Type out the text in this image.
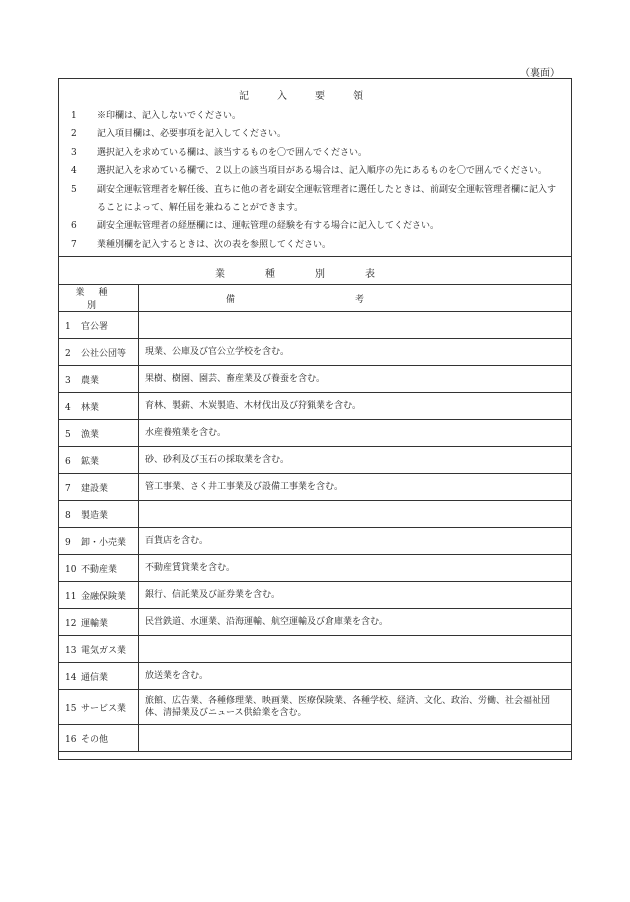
（裏面）
記入要領
1	※印欄は、記入しないでください。
2	記入項目欄は、必要事項を記入してください。
3	選択記入を求めている欄は、該当するものを〇で囲んでください。
4	選択記入を求めている欄で、２以上の該当項目がある場合は、記入順序の先にあるものを〇で囲んでください。
5	副安全運転管理者を解任後、直ちに他の者を副安全運転管理者に選任したときは、前副安全運転管理者欄に記入することによって、解任届を兼ねることができます。
6	副安全運転管理者の経歴欄には、運転管理の経験を有する場合に記入してください。
7	業種別欄を記入するときは、次の表を参照してください。
業種別表
業種別	備考
1 官公署	
2 公社公団等	現業、公庫及び官公立学校を含む。
3 農業	果樹、樹園、園芸、畜産業及び養蚕を含む。
4 林業	育林、製薪、木炭製造、木材伐出及び狩猟業を含む。
5 漁業	水産養殖業を含む。
6 鉱業	砂、砂利及び玉石の採取業を含む。
7 建設業	管工事業、さく井工事業及び設備工事業を含む。
8 製造業	
9 卸・小売業	百貨店を含む。
10 不動産業	不動産賃貸業を含む。
11 金融保険業	銀行、信託業及び証券業を含む。
12 運輸業	民営鉄道、水運業、沿海運輸、航空運輸及び倉庫業を含む。
13 電気ガス業	
14 通信業	放送業を含む。
15 サービス業	旅館、広告業、各種修理業、映画業、医療保険業、各種学校、経済、文化、政治、労働、社会福祉団体、清掃業及びニュース供給業を含む。
16 その他	
